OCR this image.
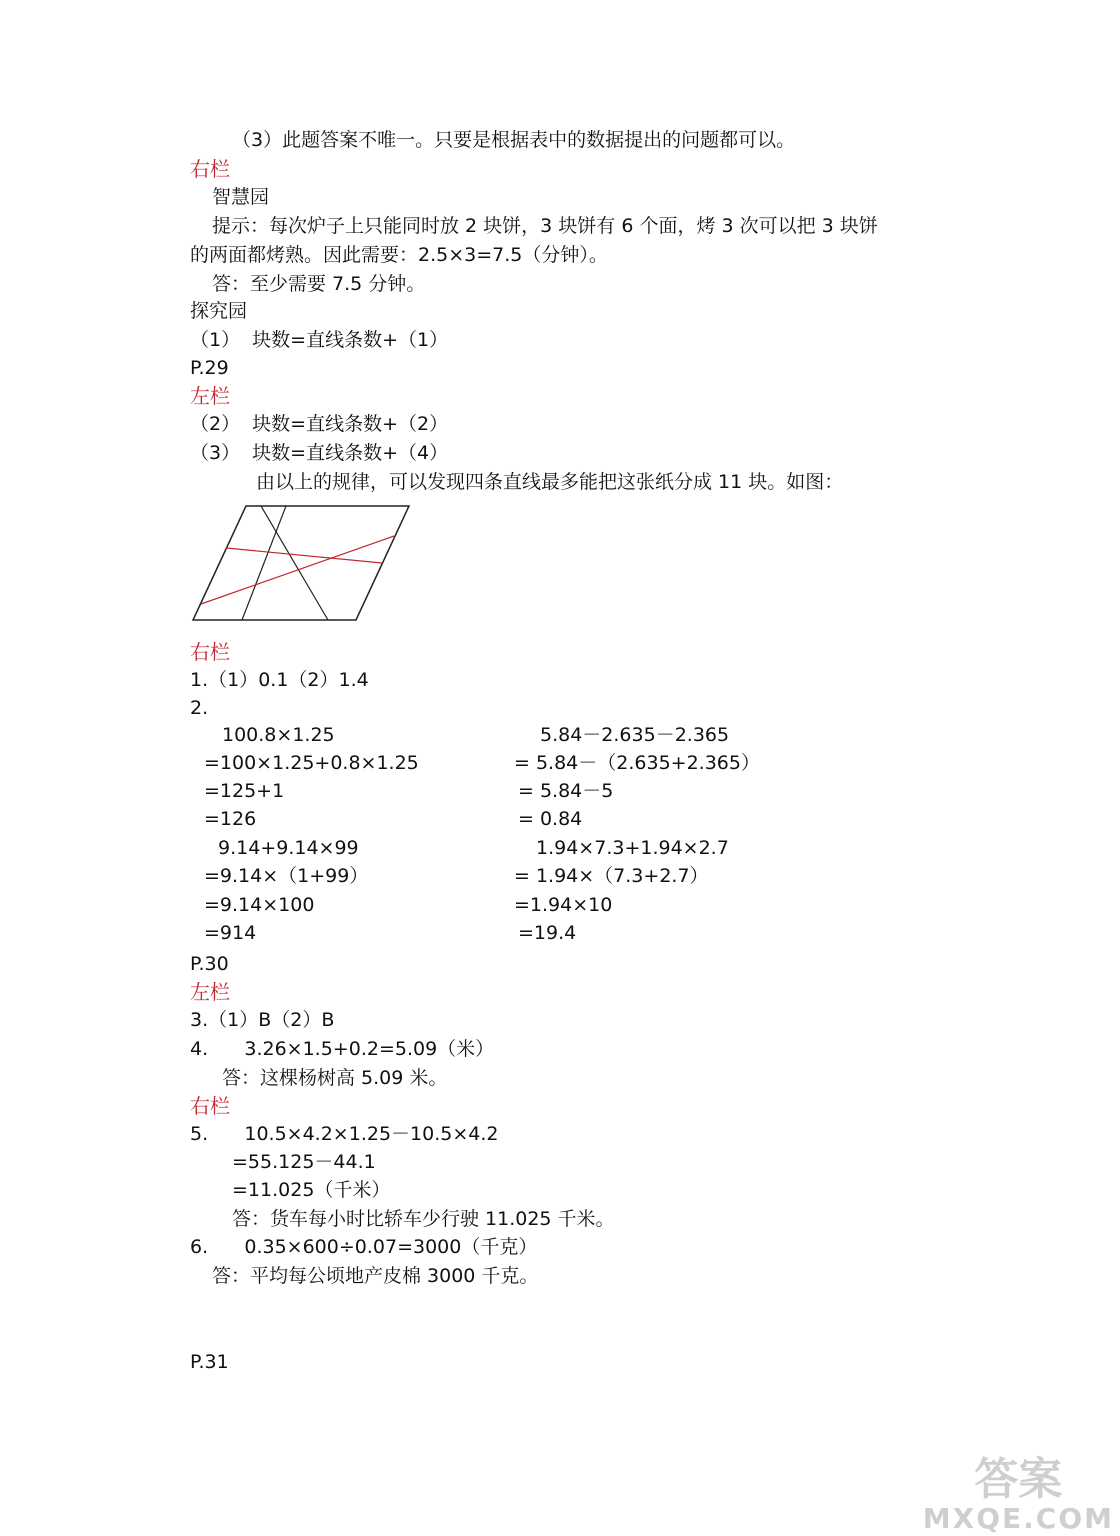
（3）此题答案不唯一。只要是根据表中的数据提出的问题都可以。
右栏
智慧园
提示：每次炉子上只能同时放 2 块饼，3 块饼有 6 个面，烤 3 次可以把 3 块饼
的两面都烤熟。因此需要：2.5×3=7.5（分钟）。
答：至少需要 7.5 分钟。
探究园
（1）  块数=直线条数+（1）
P.29
左栏
（2）  块数=直线条数+（2）
（3）  块数=直线条数+（4）
由以上的规律，可以发现四条直线最多能把这张纸分成 11 块。如图：
右栏
1.（1）0.1（2）1.4
2.
100.8×1.25	5.84－2.635－2.365
=100×1.25+0.8×1.25	= 5.84－（2.635+2.365）
=125+1	= 5.84－5
=126	= 0.84
9.14+9.14×99	1.94×7.3+1.94×2.7
=9.14×（1+99）	= 1.94×（7.3+2.7）
=9.14×100	=1.94×10
=914	=19.4
P.30
左栏
3.（1）B（2）B
4.      3.26×1.5+0.2=5.09（米）
答：这棵杨树高 5.09 米。
右栏
5.      10.5×4.2×1.25－10.5×4.2
=55.125－44.1
=11.025（千米）
答：货车每小时比轿车少行驶 11.025 千米。
6.      0.35×600÷0.07=3000（千克）
答：平均每公顷地产皮棉 3000 千克。
P.31
答案
MXQE.COM
